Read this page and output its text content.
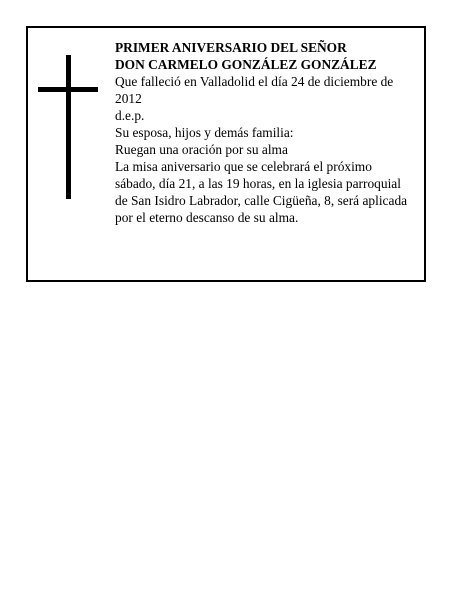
PRIMER ANIVERSARIO DEL SEÑOR

DON CARMELO GONZÁLEZ GONZÁLEZ

Que falleció en Valladolid el día 24 de diciembre de 2012

d.e.p.

Su esposa, hijos y demás familia:

Ruegan una oración por su alma

La misa aniversario que se celebrará el próximo sábado, día 21, a las 19 horas, en la iglesia parroquial de San Isidro Labrador, calle Cigüeña, 8, será aplicada por el eterno descanso de su alma.
